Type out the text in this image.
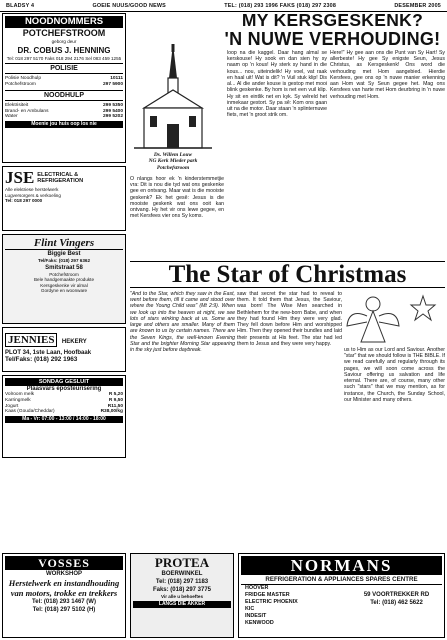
BLADSY 4	GOEIE NUUS/GOOD NEWS	TEL: (018) 293 1996 FAKS (018) 297 2308	DESEMBER 2005
NOODNOMMERS
POTCHEFSTROOM
geborg deur
DR. COBUS J. HENNING
Tel: 018 297 5170 Faks 018 294 2176 Sel 083 459 1255
POLISIE
Polisie Noodhulp	10111
Potchefstroom	297 5900
NOODHULP
Elektrisiteit	299 5350
Brand- en Ambulans	299 5400
Water	299 5202
Moenie jou huis oop los nie
JSE ELECTRICAL & REFRIGERATION
Alle elektriese herstelwerk
Lugversorgers & verkoeling
Tel: 018 297 0000
Flint Vingers
Biggie Best
Tel/Faks: (018) 297 6362
Smitstraat 58
Potchefstroom
Bele handgemaakte produkte
Kersgeskenke vir almal
Gordyne en woonware
JENNIES HEKERY
PLOT 34, 1ste Laan, Hoofbaak
Tel/Faks: (018) 292 1963
SONDAG GESLUIT
Plaasvars eposteurisering
Volroom melk	R 5,20
Karringmelk	R 9,50
Jogurt	R11,50
Kaas (Gouda/Cheddar)	R38,00/kg
Ma - Vr: 07:00 - 13:00 / 14:00 - 18:00
Ds. Willem Louw
NG Kerk Mieder park
Potchefstroom
MY KERSGESKENK?
'N NUWE VERHOUDING!
O nlangs hoor ek 'n kinderstemmetjie vra: Dit is nou die tyd wat ons geskenke gee en ontvang. Maar wat is die mooiste geskenk? Ek het gesê: Jesus is die mooiste geskenk wat ons ooit kan ontvang. Hy het vir ons lewe gegee, en met Kersfees vier ons Sy koms.
loop na die kaggel. Daar hang almal se kerskouse! Hy sook en dan sien hy sy naam op 'n kous! Hy sterk sy hand in die kous... nou, uiteindelik! Hy voel, vat raak en haal uit! Wat is dit? 'n Vuil stuk klip! Dis al... Al die ander kouse is gestop met mooi blink geskenke. By hom is net een vuil klip. Hy sit en eintlik net en kyk. Sy wêreld het inmekaar gestort. Sy pa sê: Kom ons gaan uit na die motor. Daar staan 'n splinternuwe fiets, met 'n groot strik om.
Here!" Hy gee aan ons die Punt van Sy Hart! Sy allerbeste! Hy gee Sy enigste Seun, Jesus Christus, as Kersgeskenk! Ons word die verhouding met Hom aangebied. Hierdie Kersfees, gee ons op 'n nuwe manier erkenning aan Hom wat Sy Seun gegee het. Mag ons Kersfees van harte met Hom deurbring in 'n nuwe verhouding met Hom.
The Star of Christmas
"And to the Star, which they saw in the East, went before them, till it came and stood over where the Young Child was" (Mt 2:9). When we look up into the heaven at night, we see lots of stars winking back at us. Some are large and others are smaller. Many of them are known to us by certain names. There are the Seven Kings, the well-known Evening Star and the brighter Morning Star appearing in the sky just before daybreak.
saw that secret the star had to reveal to them. It told them that Jesus, the Saviour, was born! The Wise Men searched in Bethlehem for the new-born Babe, and when they had found Him they were very glad. They fell down before Him and worshipped Him. Then they opened their bundles and laid their presents at His feet. The star had led them to Jesus and they were very happy.
us to Him as our Lord and Saviour. Another "star" that we should follow is THE BIBLE. If we read carefully and regularly through its pages, we will soon come across the Saviour offering us salvation and life eternal. There are, of course, many other such "stars" that we may mention, as for instance, the Church, the Sunday School, our Minister and many others.
VOSSES
WORKSHOP
Herstelwerk en instandhouding van motors, trokke en trekkers
Tel: (018) 293 1467 (W)
Tel: (018) 297 5102 (H)
PROTEA
BOERWINKEL
Tel: (018) 297 1183
Faks: (018) 297 3775
Vir alle u behoeftes
LANGS DIE AKKER
NORMANS
REFRIGERATION & APPLIANCES SPARES CENTRE
HOOVER
FRIDGE MASTER
ELECTRIC PHOENIX
KIC
INDESIT
KENWOOD
59 VOORTREKKER RD
Tel: (018) 462 5622
